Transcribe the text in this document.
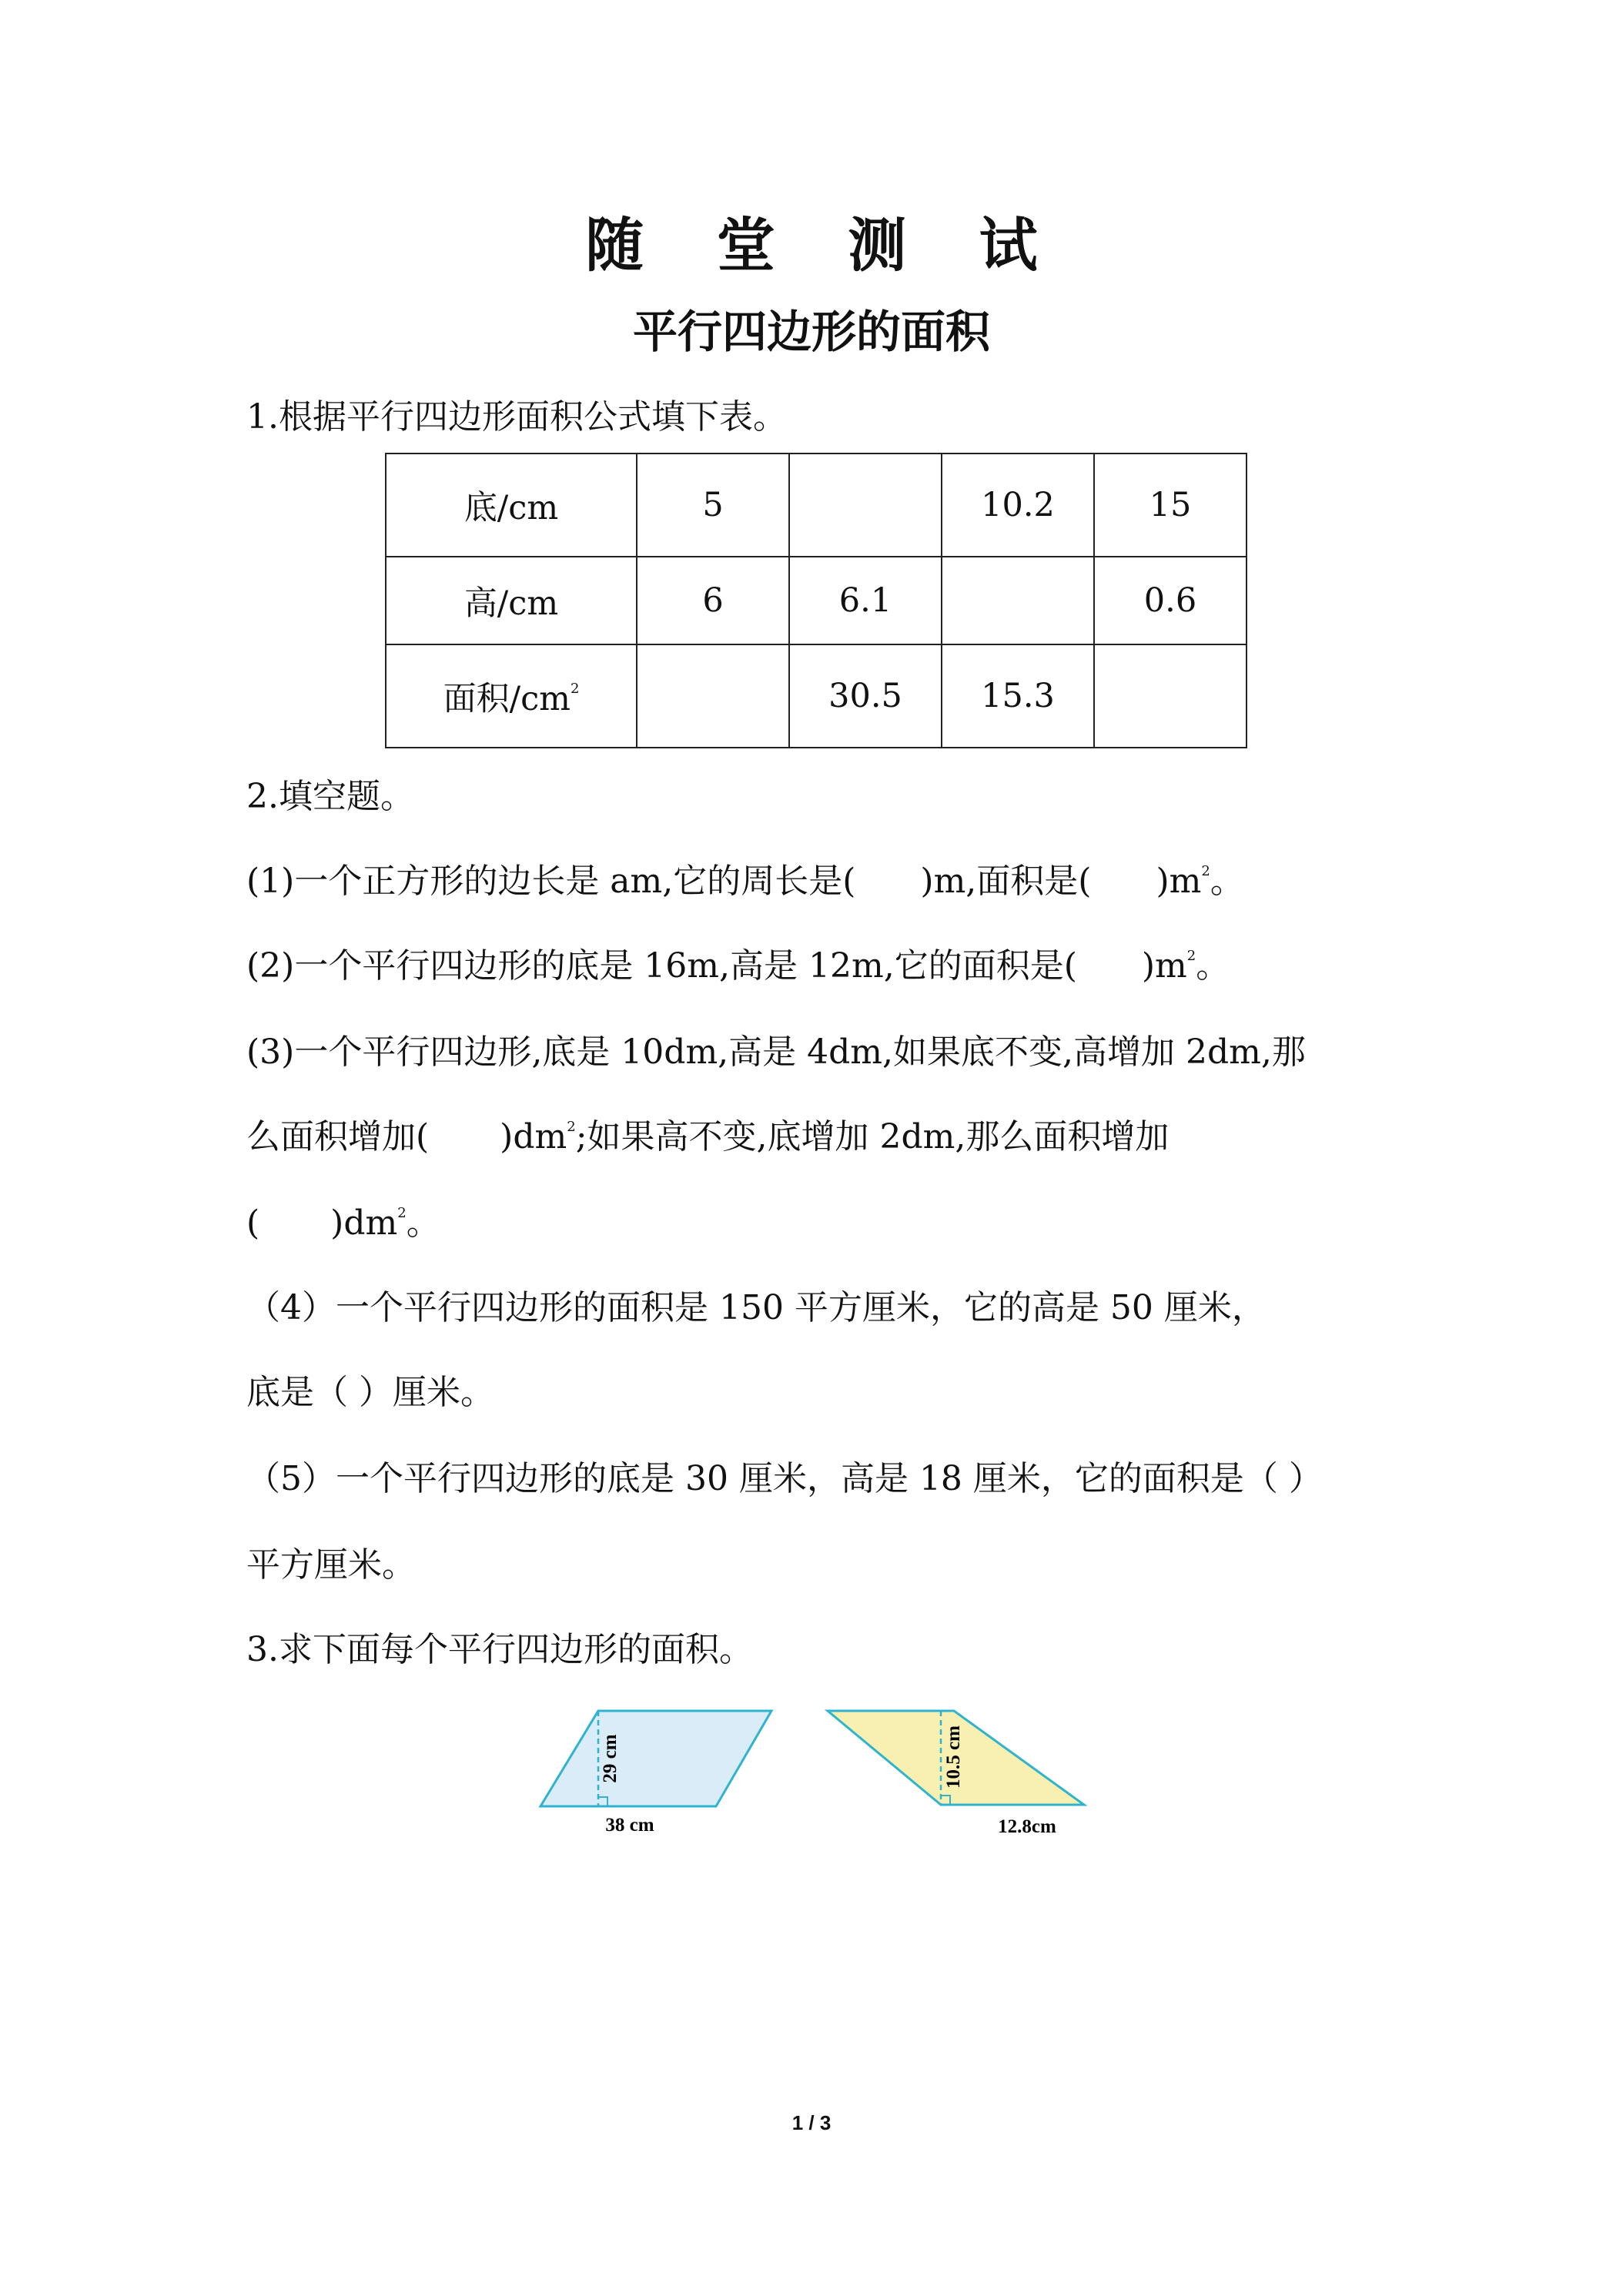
随 堂 测 试
平行四边形的面积
1.根据平行四边形面积公式填下表。
底/cm	5		10.2	15
高/cm	6	6.1		0.6
面积$/cm^2$		30.5	15.3	
2.填空题。
(1)一个正方形的边长是 am,它的周长是( )m,面积是( )$m^2$。
(2)一个平行四边形的底是 16m,高是 12m,它的面积是( )$m^2$。
(3)一个平行四边形,底是 10dm,高是 4dm,如果底不变,高增加 2dm,那
么面积增加( )$dm^2$;如果高不变,底增加 2dm,那么面积增加
( )$dm^2$。
（4）一个平行四边形的面积是 150 平方厘米，它的高是 50 厘米，
底是（ ）厘米。
（5）一个平行四边形的底是 30 厘米，高是 18 厘米，它的面积是（ ）
平方厘米。
3.求下面每个平行四边形的面积。
29 cm
38 cm
10.5 cm
12.8cm
1 / 3
